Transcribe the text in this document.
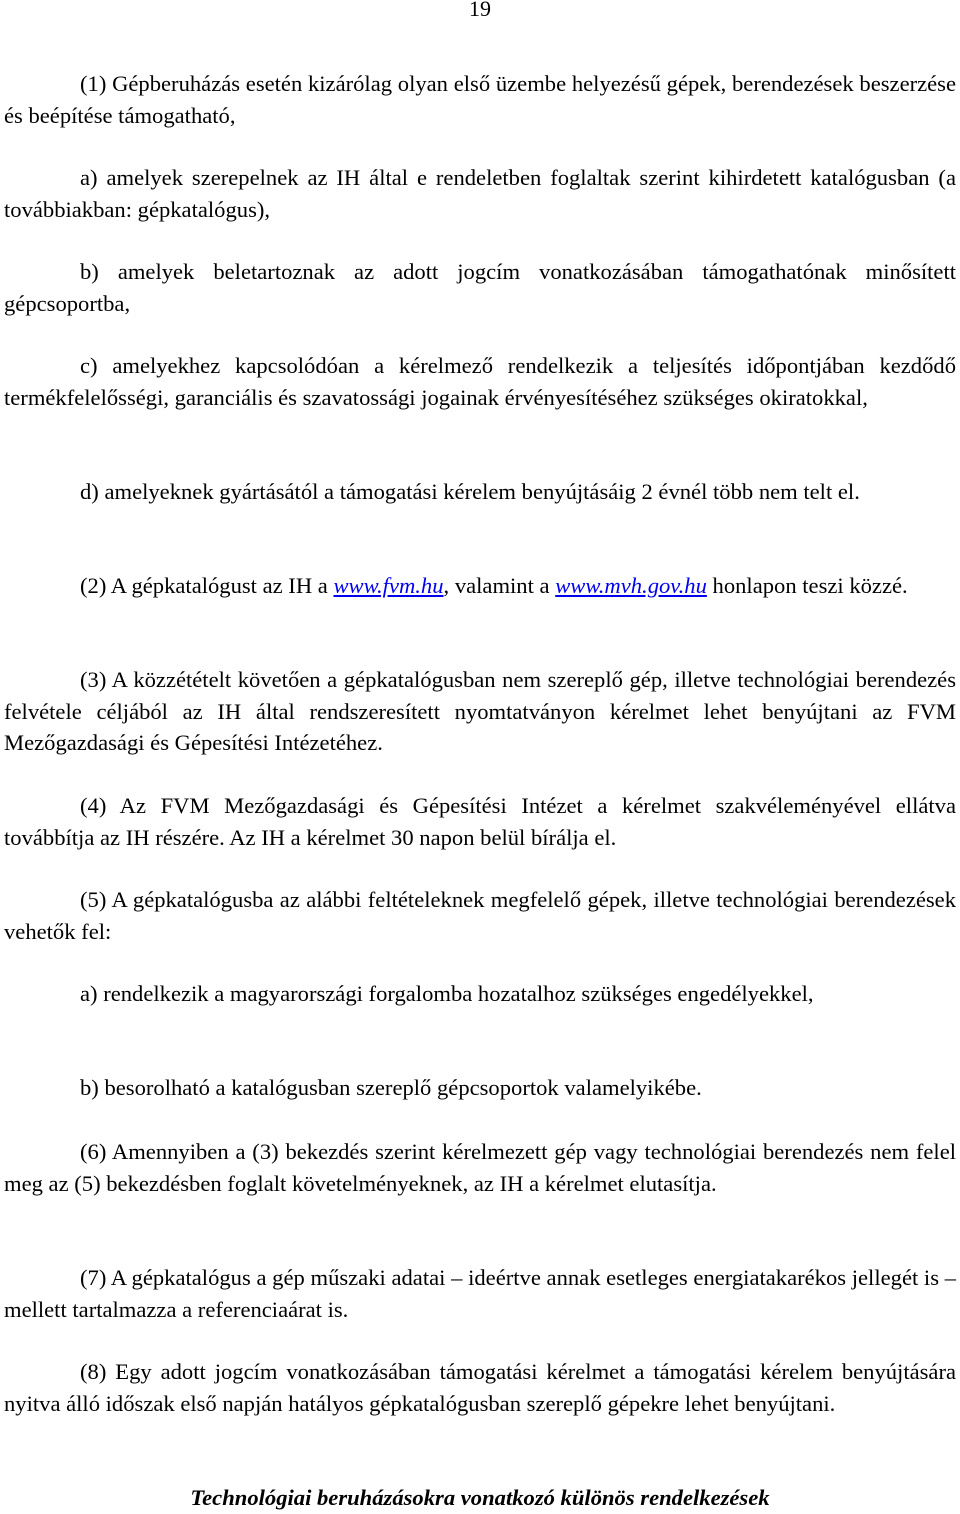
19

(1) Gépberuházás esetén kizárólag olyan első üzembe helyezésű gépek, berendezések beszerzése és beépítése támogatható,

a) amelyek szerepelnek az IH által e rendeletben foglaltak szerint kihirdetett katalógusban (a továbbiakban: gépkatalógus),

b) amelyek beletartoznak az adott jogcím vonatkozásában támogathatónak minősített gépcsoportba,

c) amelyekhez kapcsolódóan a kérelmező rendelkezik a teljesítés időpontjában kezdődő termékfelelősségi, garanciális és szavatossági jogainak érvényesítéséhez szükséges okiratokkal,

d) amelyeknek gyártásától a támogatási kérelem benyújtásáig 2 évnél több nem telt el.

(2) A gépkatalógust az IH a www.fvm.hu, valamint a www.mvh.gov.hu honlapon teszi közzé.

(3) A közzétételt követően a gépkatalógusban nem szereplő gép, illetve technológiai berendezés felvétele céljából az IH által rendszeresített nyomtatványon kérelmet lehet benyújtani az FVM Mezőgazdasági és Gépesítési Intézetéhez.

(4) Az FVM Mezőgazdasági és Gépesítési Intézet a kérelmet szakvéleményével ellátva továbbítja az IH részére. Az IH a kérelmet 30 napon belül bírálja el.

(5) A gépkatalógusba az alábbi feltételeknek megfelelő gépek, illetve technológiai berendezések vehetők fel:

a) rendelkezik a magyarországi forgalomba hozatalhoz szükséges engedélyekkel,

b) besorolható a katalógusban szereplő gépcsoportok valamelyikébe.

(6) Amennyiben a (3) bekezdés szerint kérelmezett gép vagy technológiai berendezés nem felel meg az (5) bekezdésben foglalt követelményeknek, az IH a kérelmet elutasítja.

(7) A gépkatalógus a gép műszaki adatai – ideértve annak esetleges energiatakarékos jellegét is – mellett tartalmazza a referenciaárat is.

(8) Egy adott jogcím vonatkozásában támogatási kérelmet a támogatási kérelem benyújtására nyitva álló időszak első napján hatályos gépkatalógusban szereplő gépekre lehet benyújtani.

Technológiai beruházásokra vonatkozó különös rendelkezések
